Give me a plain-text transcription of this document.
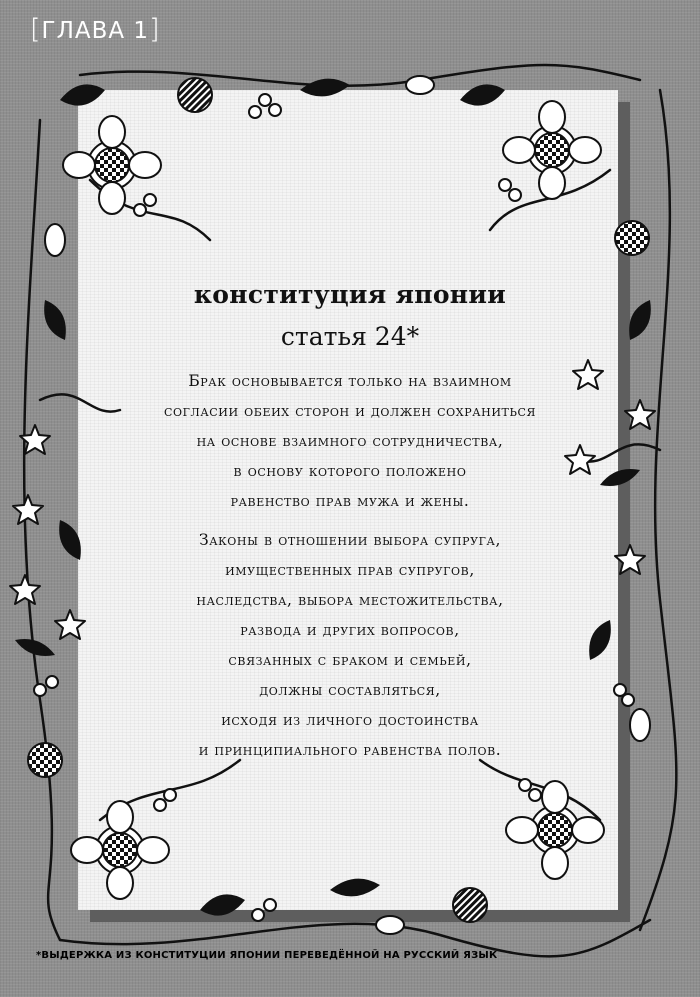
[ГЛАВА 1]
конституция японии
статья 24*
Брак основывается только на взаимном
согласии обеих сторон и должен сохраниться
на основе взаимного сотрудничества,
в основу которого положено
равенство прав мужа и жены.
Законы в отношении выбора супруга,
имущественных прав супругов,
наследства, выбора местожительства,
развода и других вопросов,
связанных с браком и семьей,
должны составляться,
исходя из личного достоинства
и принципиального равенства полов.
*ВЫДЕРЖКА ИЗ КОНСТИТУЦИИ ЯПОНИИ ПЕРЕВЕДЁННОЙ НА РУССКИЙ ЯЗЫК
